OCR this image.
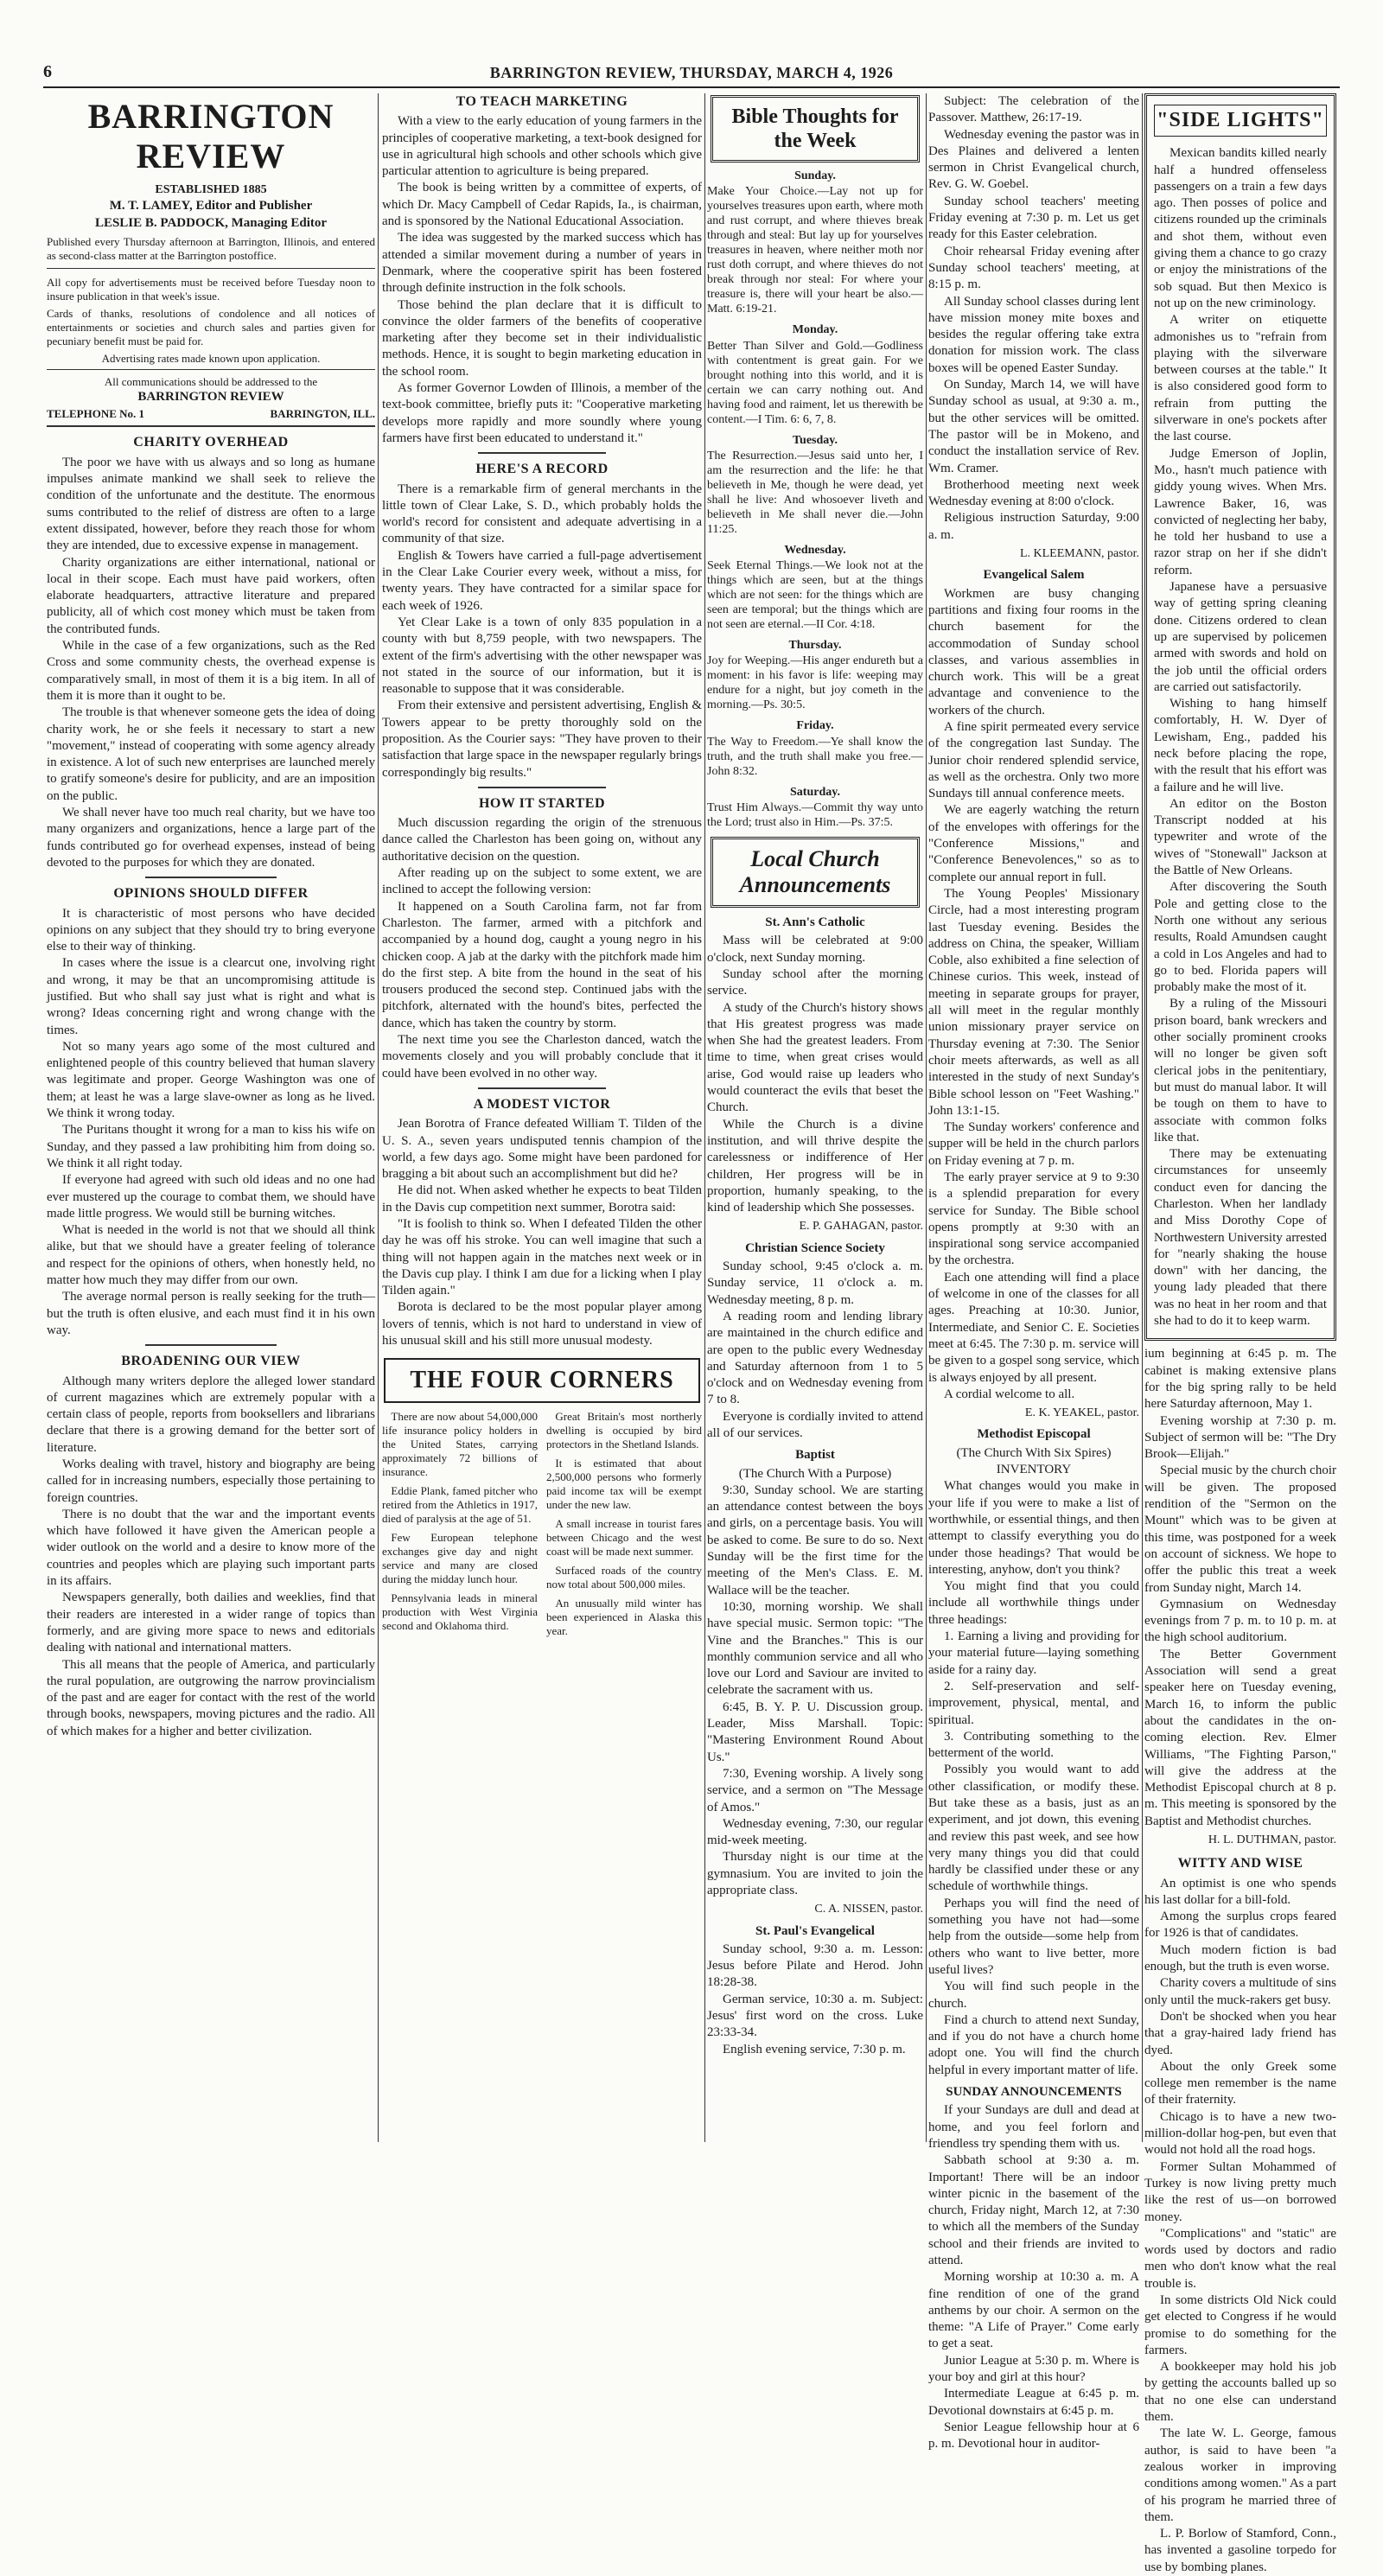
6	BARRINGTON REVIEW, THURSDAY, MARCH 4, 1926
BARRINGTON REVIEW
ESTABLISHED 1885
M. T. LAMEY, Editor and Publisher
LESLIE B. PADDOCK, Managing Editor
Published every Thursday afternoon at Barrington, Illinois, and entered as second-class matter at the Barrington postoffice.
All copy for advertisements must be received before Tuesday noon to insure publication in that week's issue.
Cards of thanks, resolutions of condolence and all notices of entertainments or societies and church sales and parties given for pecuniary benefit must be paid for.
Advertising rates made known upon application.
All communications should be addressed to the
BARRINGTON REVIEW
TELEPHONE No. 1	BARRINGTON, ILL.
CHARITY OVERHEAD

The poor we have with us always and so long as humane impulses animate mankind we shall seek to relieve the condition of the unfortunate and the destitute. The enormous sums contributed to the relief of distress are often to a large extent dissipated, however, before they reach those for whom they are intended, due to excessive expense in management.

Charity organizations are either international, national or local in their scope. Each must have paid workers, often elaborate headquarters, attractive literature and prepared publicity, all of which cost money which must be taken from the contributed funds.

While in the case of a few organizations, such as the Red Cross and some community chests, the overhead expense is comparatively small, in most of them it is a big item. In all of them it is more than it ought to be.

The trouble is that whenever someone gets the idea of doing charity work, he or she feels it necessary to start a new "movement," instead of cooperating with some agency already in existence. A lot of such new enterprises are launched merely to gratify someone's desire for publicity, and are an imposition on the public.

We shall never have too much real charity, but we have too many organizers and organizations, hence a large part of the funds contributed go for overhead expenses, instead of being devoted to the purposes for which they are donated.

OPINIONS SHOULD DIFFER

It is characteristic of most persons who have decided opinions on any subject that they should try to bring everyone else to their way of thinking.

In cases where the issue is a clearcut one, involving right and wrong, it may be that an uncompromising attitude is justified. But who shall say just what is right and what is wrong? Ideas concerning right and wrong change with the times.

Not so many years ago some of the most cultured and enlightened people of this country believed that human slavery was legitimate and proper. George Washington was one of them; at least he was a large slave-owner as long as he lived. We think it wrong today.

The Puritans thought it wrong for a man to kiss his wife on Sunday, and they passed a law prohibiting him from doing so. We think it all right today.

If everyone had agreed with such old ideas and no one had ever mustered up the courage to combat them, we should have made little progress. We would still be burning witches.

What is needed in the world is not that we should all think alike, but that we should have a greater feeling of tolerance and respect for the opinions of others, when honestly held, no matter how much they may differ from our own.

The average normal person is really seeking for the truth—but the truth is often elusive, and each must find it in his own way.

BROADENING OUR VIEW

Although many writers deplore the alleged lower standard of current magazines which are extremely popular with a certain class of people, reports from booksellers and librarians declare that there is a growing demand for the better sort of literature.

Works dealing with travel, history and biography are being called for in increasing numbers, especially those pertaining to foreign countries.

There is no doubt that the war and the important events which have followed it have given the American people a wider outlook on the world and a desire to know more of the countries and peoples which are playing such important parts in its affairs.

Newspapers generally, both dailies and weeklies, find that their readers are interested in a wider range of topics than formerly, and are giving more space to news and editorials dealing with national and international matters.

This all means that the people of America, and particularly the rural population, are outgrowing the narrow provincialism of the past and are eager for contact with the rest of the world through books, newspapers, moving pictures and the radio. All of which makes for a higher and better civilization.

TO TEACH MARKETING

With a view to the early education of young farmers in the principles of cooperative marketing, a text-book designed for use in agricultural high schools and other schools which give particular attention to agriculture is being prepared.

The book is being written by a committee of experts, of which Dr. Macy Campbell of Cedar Rapids, Ia., is chairman, and is sponsored by the National Educational Association.

The idea was suggested by the marked success which has attended a similar movement during a number of years in Denmark, where the cooperative spirit has been fostered through definite instruction in the folk schools.

Those behind the plan declare that it is difficult to convince the older farmers of the benefits of cooperative marketing after they become set in their individualistic methods. Hence, it is sought to begin marketing education in the school room.

As former Governor Lowden of Illinois, a member of the text-book committee, briefly puts it: "Cooperative marketing develops more rapidly and more soundly where young farmers have first been educated to understand it."

HERE'S A RECORD

There is a remarkable firm of general merchants in the little town of Clear Lake, S. D., which probably holds the world's record for consistent and adequate advertising in a community of that size.

English & Towers have carried a full-page advertisement in the Clear Lake Courier every week, without a miss, for twenty years. They have contracted for a similar space for each week of 1926.

Yet Clear Lake is a town of only 835 population in a county with but 8,759 people, with two newspapers. The extent of the firm's advertising with the other newspaper was not stated in the source of our information, but it is reasonable to suppose that it was considerable.

From their extensive and persistent advertising, English & Towers appear to be pretty thoroughly sold on the proposition. As the Courier says: "They have proven to their satisfaction that large space in the newspaper regularly brings correspondingly big results."

HOW IT STARTED

Much discussion regarding the origin of the strenuous dance called the Charleston has been going on, without any authoritative decision on the question.

After reading up on the subject to some extent, we are inclined to accept the following version:

It happened on a South Carolina farm, not far from Charleston. The farmer, armed with a pitchfork and accompanied by a hound dog, caught a young negro in his chicken coop. A jab at the darky with the pitchfork made him do the first step. A bite from the hound in the seat of his trousers produced the second step. Continued jabs with the pitchfork, alternated with the hound's bites, perfected the dance, which has taken the country by storm.

The next time you see the Charleston danced, watch the movements closely and you will probably conclude that it could have been evolved in no other way.

A MODEST VICTOR

Jean Borotra of France defeated William T. Tilden of the U. S. A., seven years undisputed tennis champion of the world, a few days ago. Some might have been pardoned for bragging a bit about such an accomplishment but did he?

He did not. When asked whether he expects to beat Tilden in the Davis cup competition next summer, Borotra said:

"It is foolish to think so. When I defeated Tilden the other day he was off his stroke. You can well imagine that such a thing will not happen again in the matches next week or in the Davis cup play. I think I am due for a licking when I play Tilden again."

Borota is declared to be the most popular player among lovers of tennis, which is not hard to understand in view of his unusual skill and his still more unusual modesty.

THE FOUR CORNERS

There are now about 54,000,000 life insurance policy holders in the United States, carrying approximately 72 billions of insurance.

Eddie Plank, famed pitcher who retired from the Athletics in 1917, died of paralysis at the age of 51.

Few European telephone exchanges give day and night service and many are closed during the midday lunch hour.

Pennsylvania leads in mineral production with West Virginia second and Oklahoma third.

Great Britain's most northerly dwelling is occupied by bird protectors in the Shetland Islands.

It is estimated that about 2,500,000 persons who formerly paid income tax will be exempt under the new law.

A small increase in tourist fares between Chicago and the west coast will be made next summer.

Surfaced roads of the country now total about 500,000 miles.

An unusually mild winter has been experienced in Alaska this year.

Bible Thoughts for the Week
Sunday.
Make Your Choice.—Lay not up for yourselves treasures upon earth, where moth and rust corrupt, and where thieves break through and steal: But lay up for yourselves treasures in heaven, where neither moth nor rust doth corrupt, and where thieves do not break through nor steal: For where your treasure is, there will your heart be also.—Matt. 6:19-21.
Monday.
Better Than Silver and Gold.—Godliness with contentment is great gain. For we brought nothing into this world, and it is certain we can carry nothing out. And having food and raiment, let us therewith be content.—I Tim. 6: 6, 7, 8.
Tuesday.
The Resurrection.—Jesus said unto her, I am the resurrection and the life: he that believeth in Me, though he were dead, yet shall he live: And whosoever liveth and believeth in Me shall never die.—John 11:25.
Wednesday.
Seek Eternal Things.—We look not at the things which are seen, but at the things which are not seen: for the things which are seen are temporal; but the things which are not seen are eternal.—II Cor. 4:18.
Thursday.
Joy for Weeping.—His anger endureth but a moment: in his favor is life: weeping may endure for a night, but joy cometh in the morning.—Ps. 30:5.
Friday.
The Way to Freedom.—Ye shall know the truth, and the truth shall make you free.—John 8:32.
Saturday.
Trust Him Always.—Commit thy way unto the Lord; trust also in Him.—Ps. 37:5.
Local Church Announcements
St. Ann's Catholic

Mass will be celebrated at 9:00 o'clock, next Sunday morning.

Sunday school after the morning service.

A study of the Church's history shows that His greatest progress was made when She had the greatest leaders. From time to time, when great crises would arise, God would raise up leaders who would counteract the evils that beset the Church.

While the Church is a divine institution, and will thrive despite the carelessness or indifference of Her children, Her progress will be in proportion, humanly speaking, to the kind of leadership which She possesses.

E. P. GAHAGAN, pastor.
Christian Science Society

Sunday school, 9:45 o'clock a. m. Sunday service, 11 o'clock a. m. Wednesday meeting, 8 p. m.

A reading room and lending library are maintained in the church edifice and are open to the public every Wednesday and Saturday afternoon from 1 to 5 o'clock and on Wednesday evening from 7 to 8.

Everyone is cordially invited to attend all of our services.

Baptist
(The Church With a Purpose)

9:30, Sunday school. We are starting an attendance contest between the boys and girls, on a percentage basis. You will be asked to come. Be sure to do so. Next Sunday will be the first time for the meeting of the Men's Class. E. M. Wallace will be the teacher.

10:30, morning worship. We shall have special music. Sermon topic: "The Vine and the Branches." This is our monthly communion service and all who love our Lord and Saviour are invited to celebrate the sacrament with us.

6:45, B. Y. P. U. Discussion group. Leader, Miss Marshall. Topic: "Mastering Environment Round About Us."

7:30, Evening worship. A lively song service, and a sermon on "The Message of Amos."

Wednesday evening, 7:30, our regular mid-week meeting.

Thursday night is our time at the gymnasium. You are invited to join the appropriate class.

C. A. NISSEN, pastor.
St. Paul's Evangelical

Sunday school, 9:30 a. m. Lesson: Jesus before Pilate and Herod. John 18:28-38.

German service, 10:30 a. m. Subject: Jesus' first word on the cross. Luke 23:33-34.

English evening service, 7:30 p. m.

Subject: The celebration of the Passover. Matthew, 26:17-19.

Wednesday evening the pastor was in Des Plaines and delivered a lenten sermon in Christ Evangelical church, Rev. G. W. Goebel.

Sunday school teachers' meeting Friday evening at 7:30 p. m. Let us get ready for this Easter celebration.

Choir rehearsal Friday evening after Sunday school teachers' meeting, at 8:15 p. m.

All Sunday school classes during lent have mission money mite boxes and besides the regular offering take extra donation for mission work. The class boxes will be opened Easter Sunday.

On Sunday, March 14, we will have Sunday school as usual, at 9:30 a. m., but the other services will be omitted. The pastor will be in Mokeno, and conduct the installation service of Rev. Wm. Cramer.

Brotherhood meeting next week Wednesday evening at 8:00 o'clock.

Religious instruction Saturday, 9:00 a. m.

L. KLEEMANN, pastor.
Evangelical Salem

Workmen are busy changing partitions and fixing four rooms in the church basement for the accommodation of Sunday school classes, and various assemblies in church work. This will be a great advantage and convenience to the workers of the church.

A fine spirit permeated every service of the congregation last Sunday. The Junior choir rendered splendid service, as well as the orchestra. Only two more Sundays till annual conference meets.

We are eagerly watching the return of the envelopes with offerings for the "Conference Missions," and "Conference Benevolences," so as to complete our annual report in full.

The Young Peoples' Missionary Circle, had a most interesting program last Tuesday evening. Besides the address on China, the speaker, William Coble, also exhibited a fine selection of Chinese curios. This week, instead of meeting in separate groups for prayer, all will meet in the regular monthly union missionary prayer service on Thursday evening at 7:30. The Senior choir meets afterwards, as well as all interested in the study of next Sunday's Bible school lesson on "Feet Washing." John 13:1-15.

The Sunday workers' conference and supper will be held in the church parlors on Friday evening at 7 p. m.

The early prayer service at 9 to 9:30 is a splendid preparation for every service for Sunday. The Bible school opens promptly at 9:30 with an inspirational song service accompanied by the orchestra.

Each one attending will find a place of welcome in one of the classes for all ages. Preaching at 10:30. Junior, Intermediate, and Senior C. E. Societies meet at 6:45. The 7:30 p. m. service will be given to a gospel song service, which is always enjoyed by all present.

A cordial welcome to all.

E. K. YEAKEL, pastor.
Methodist Episcopal
(The Church With Six Spires)
INVENTORY

What changes would you make in your life if you were to make a list of worthwhile, or essential things, and then attempt to classify everything you do under those headings? That would be interesting, anyhow, don't you think?

You might find that you could include all worthwhile things under three headings:

1. Earning a living and providing for your material future—laying something aside for a rainy day.

2. Self-preservation and self-improvement, physical, mental, and spiritual.

3. Contributing something to the betterment of the world.

Possibly you would want to add other classification, or modify these. But take these as a basis, just as an experiment, and jot down, this evening and review this past week, and see how very many things you did that could hardly be classified under these or any schedule of worthwhile things.

Perhaps you will find the need of something you have not had—some help from the outside—some help from others who want to live better, more useful lives?

You will find such people in the church.

Find a church to attend next Sunday, and if you do not have a church home adopt one. You will find the church helpful in every important matter of life.

SUNDAY ANNOUNCEMENTS

If your Sundays are dull and dead at home, and you feel forlorn and friendless try spending them with us.

Sabbath school at 9:30 a. m. Important! There will be an indoor winter picnic in the basement of the church, Friday night, March 12, at 7:30 to which all the members of the Sunday school and their friends are invited to attend.

Morning worship at 10:30 a. m. A fine rendition of one of the grand anthems by our choir. A sermon on the theme: "A Life of Prayer." Come early to get a seat.

Junior League at 5:30 p. m. Where is your boy and girl at this hour?

Intermediate League at 6:45 p. m. Devotional downstairs at 6:45 p. m.

Senior League fellowship hour at 6 p. m. Devotional hour in auditor-

"SIDE LIGHTS"

Mexican bandits killed nearly half a hundred offenseless passengers on a train a few days ago. Then posses of police and citizens rounded up the criminals and shot them, without even giving them a chance to go crazy or enjoy the ministrations of the sob squad. But then Mexico is not up on the new criminology.

A writer on etiquette admonishes us to "refrain from playing with the silverware between courses at the table." It is also considered good form to refrain from putting the silverware in one's pockets after the last course.

Judge Emerson of Joplin, Mo., hasn't much patience with giddy young wives. When Mrs. Lawrence Baker, 16, was convicted of neglecting her baby, he told her husband to use a razor strap on her if she didn't reform.

Japanese have a persuasive way of getting spring cleaning done. Citizens ordered to clean up are supervised by policemen armed with swords and hold on the job until the official orders are carried out satisfactorily.

Wishing to hang himself comfortably, H. W. Dyer of Lewisham, Eng., padded his neck before placing the rope, with the result that his effort was a failure and he will live.

An editor on the Boston Transcript nodded at his typewriter and wrote of the wives of "Stonewall" Jackson at the Battle of New Orleans.

After discovering the South Pole and getting close to the North one without any serious results, Roald Amundsen caught a cold in Los Angeles and had to go to bed. Florida papers will probably make the most of it.

By a ruling of the Missouri prison board, bank wreckers and other socially prominent crooks will no longer be given soft clerical jobs in the penitentiary, but must do manual labor. It will be tough on them to have to associate with common folks like that.

There may be extenuating circumstances for unseemly conduct even for dancing the Charleston. When her landlady and Miss Dorothy Cope of Northwestern University arrested for "nearly shaking the house down" with her dancing, the young lady pleaded that there was no heat in her room and that she had to do it to keep warm.

ium beginning at 6:45 p. m. The cabinet is making extensive plans for the big spring rally to be held here Saturday afternoon, May 1.

Evening worship at 7:30 p. m. Subject of sermon will be: "The Dry Brook—Elijah."

Special music by the church choir will be given. The proposed rendition of the "Sermon on the Mount" which was to be given at this time, was postponed for a week on account of sickness. We hope to offer the public this treat a week from Sunday night, March 14.

Gymnasium on Wednesday evenings from 7 p. m. to 10 p. m. at the high school auditorium.

The Better Government Association will send a great speaker here on Tuesday evening, March 16, to inform the public about the candidates in the on-coming election. Rev. Elmer Williams, "The Fighting Parson," will give the address at the Methodist Episcopal church at 8 p. m. This meeting is sponsored by the Baptist and Methodist churches.

H. L. DUTHMAN, pastor.
WITTY AND WISE

An optimist is one who spends his last dollar for a bill-fold.

Among the surplus crops feared for 1926 is that of candidates.

Much modern fiction is bad enough, but the truth is even worse.

Charity covers a multitude of sins only until the muck-rakers get busy.

Don't be shocked when you hear that a gray-haired lady friend has dyed.

About the only Greek some college men remember is the name of their fraternity.

Chicago is to have a new two-million-dollar hog-pen, but even that would not hold all the road hogs.

Former Sultan Mohammed of Turkey is now living pretty much like the rest of us—on borrowed money.

"Complications" and "static" are words used by doctors and radio men who don't know what the real trouble is.

In some districts Old Nick could get elected to Congress if he would promise to do something for the farmers.

A bookkeeper may hold his job by getting the accounts balled up so that no one else can understand them.

The late W. L. George, famous author, is said to have been "a zealous worker in improving conditions among women." As a part of his program he married three of them.

L. P. Borlow of Stamford, Conn., has invented a gasoline torpedo for use by bombing planes.
